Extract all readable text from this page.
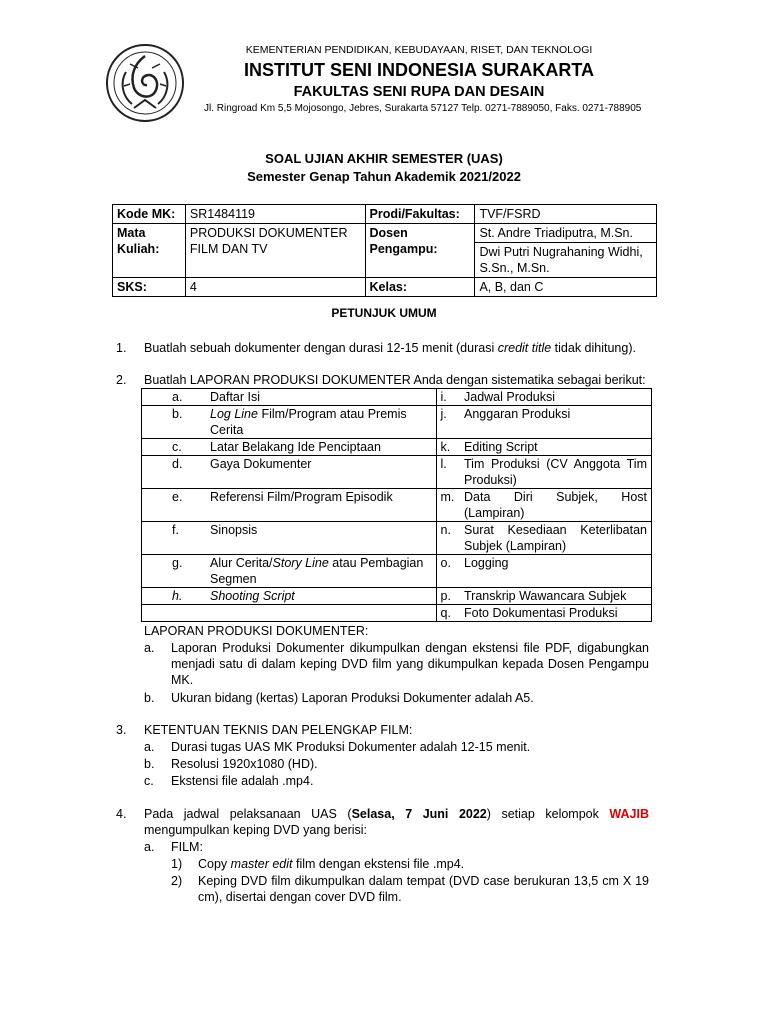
KEMENTERIAN PENDIDIKAN, KEBUDAYAAN, RISET, DAN TEKNOLOGI
INSTITUT SENI INDONESIA SURAKARTA
FAKULTAS SENI RUPA DAN DESAIN
Jl. Ringroad Km 5,5 Mojosongo, Jebres, Surakarta 57127 Telp. 0271-7889050, Faks. 0271-788905
SOAL UJIAN AKHIR SEMESTER (UAS)
Semester Genap Tahun Akademik 2021/2022
Kode MK:	SR1484119	Prodi/Fakultas:	TVF/FSRD
Mata Kuliah:	PRODUKSI DOKUMENTER FILM DAN TV	Dosen Pengampu:	St. Andre Triadiputra, M.Sn.
			Dwi Putri Nugrahaning Widhi, S.Sn., M.Sn.
SKS:	4	Kelas:	A, B, dan C
PETUNJUK UMUM
1. Buatlah sebuah dokumenter dengan durasi 12-15 menit (durasi credit title tidak dihitung).
2. Buatlah LAPORAN PRODUKSI DOKUMENTER Anda dengan sistematika sebagai berikut:
a.	Daftar Isi	i.	Jadwal Produksi
b.	Log Line Film/Program atau Premis Cerita	j.	Anggaran Produksi
c.	Latar Belakang Ide Penciptaan	k.	Editing Script
d.	Gaya Dokumenter	l.	Tim Produksi (CV Anggota Tim Produksi)
e.	Referensi Film/Program Episodik	m.	Data Diri Subjek, Host (Lampiran)
f.	Sinopsis	n.	Surat Kesediaan Keterlibatan Subjek (Lampiran)
g.	Alur Cerita/Story Line atau Pembagian Segmen	o.	Logging
h.	Shooting Script	p.	Transkrip Wawancara Subjek
		q.	Foto Dokumentasi Produksi
LAPORAN PRODUKSI DOKUMENTER:
a. Laporan Produksi Dokumenter dikumpulkan dengan ekstensi file PDF, digabungkan menjadi satu di dalam keping DVD film yang dikumpulkan kepada Dosen Pengampu MK.
b. Ukuran bidang (kertas) Laporan Produksi Dokumenter adalah A5.
3. KETENTUAN TEKNIS DAN PELENGKAP FILM:
a. Durasi tugas UAS MK Produksi Dokumenter adalah 12-15 menit.
b. Resolusi 1920x1080 (HD).
c. Ekstensi file adalah .mp4.
4. Pada jadwal pelaksanaan UAS (Selasa, 7 Juni 2022) setiap kelompok WAJIB
mengumpulkan keping DVD yang berisi:
a. FILM:
1) Copy master edit film dengan ekstensi file .mp4.
2) Keping DVD film dikumpulkan dalam tempat (DVD case berukuran 13,5 cm X 19 cm), disertai dengan cover DVD film.
